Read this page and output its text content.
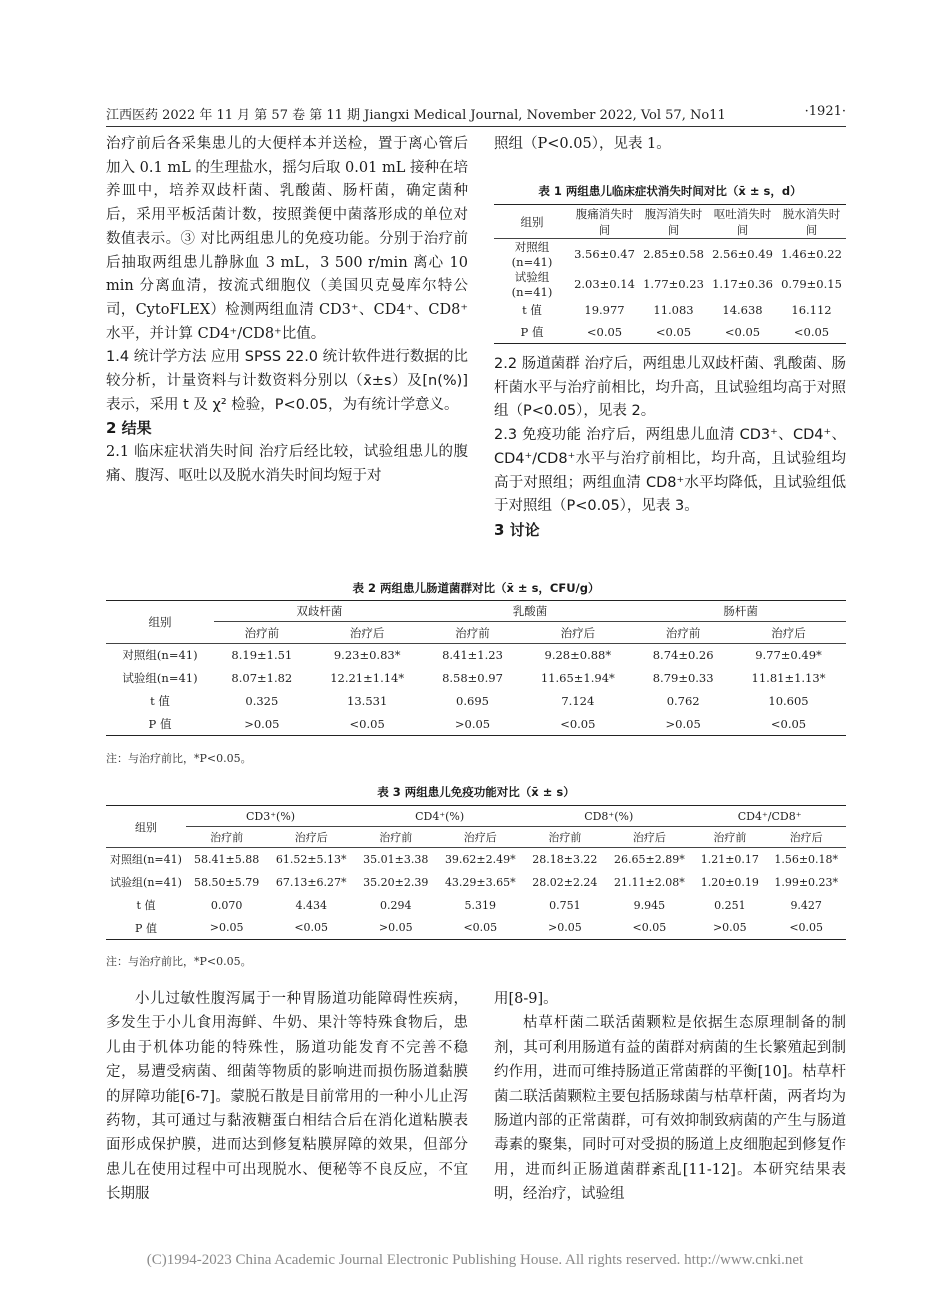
江西医药 2022 年 11 月 第 57 卷 第 11 期 Jiangxi Medical Journal, November 2022, Vol 57, No11	·1921·

治疗前后各采集患儿的大便样本并送检，置于离心管后加入 0.1 mL 的生理盐水，摇匀后取 0.01 mL 接种在培养皿中，培养双歧杆菌、乳酸菌、肠杆菌，确定菌种后，采用平板活菌计数，按照粪便中菌落形成的单位对数值表示。③ 对比两组患儿的免疫功能。分别于治疗前后抽取两组患儿静脉血 3 mL，3 500 r/min 离心 10 min 分离血清，按流式细胞仪（美国贝克曼库尔特公司，CytoFLEX）检测两组血清 CD3⁺、CD4⁺、CD8⁺水平，并计算 CD4⁺/CD8⁺比值。

1.4 统计学方法 应用 SPSS 22.0 统计软件进行数据的比较分析，计量资料与计数资料分别以（x̄±s）及[n(%)]表示，采用 t 及 χ² 检验，P<0.05，为有统计学意义。

2 结果

2.1 临床症状消失时间 治疗后经比较，试验组患儿的腹痛、腹泻、呕吐以及脱水消失时间均短于对

照组（P<0.05），见表 1。

表 1 两组患儿临床症状消失时间对比（x̄ ± s，d）
组别	腹痛消失时间	腹泻消失时间	呕吐消失时间	脱水消失时间
对照组(n=41)	3.56±0.47	2.85±0.58	2.56±0.49	1.46±0.22
试验组(n=41)	2.03±0.14	1.77±0.23	1.17±0.36	0.79±0.15
t 值	19.977	11.083	14.638	16.112
P 值	<0.05	<0.05	<0.05	<0.05

2.2 肠道菌群 治疗后，两组患儿双歧杆菌、乳酸菌、肠杆菌水平与治疗前相比，均升高，且试验组均高于对照组（P<0.05），见表 2。

2.3 免疫功能 治疗后，两组患儿血清 CD3⁺、CD4⁺、CD4⁺/CD8⁺水平与治疗前相比，均升高，且试验组均高于对照组；两组血清 CD8⁺水平均降低，且试验组低于对照组（P<0.05），见表 3。

3 讨论

表 2 两组患儿肠道菌群对比（x̄ ± s，CFU/g）
组别	双歧杆菌		乳酸菌		肠杆菌	
	治疗前	治疗后	治疗前	治疗后	治疗前	治疗后
对照组(n=41)	8.19±1.51	9.23±0.83*	8.41±1.23	9.28±0.88*	8.74±0.26	9.77±0.49*
试验组(n=41)	8.07±1.82	12.21±1.14*	8.58±0.97	11.65±1.94*	8.79±0.33	11.81±1.13*
t 值	0.325	13.531	0.695	7.124	0.762	10.605
P 值	>0.05	<0.05	>0.05	<0.05	>0.05	<0.05
注：与治疗前比，*P<0.05。
表 3 两组患儿免疫功能对比（x̄ ± s）
组别	CD3⁺(%)		CD4⁺(%)		CD8⁺(%)		CD4⁺/CD8⁺	
	治疗前	治疗后	治疗前	治疗后	治疗前	治疗后	治疗前	治疗后
对照组(n=41)	58.41±5.88	61.52±5.13*	35.01±3.38	39.62±2.49*	28.18±3.22	26.65±2.89*	1.21±0.17	1.56±0.18*
试验组(n=41)	58.50±5.79	67.13±6.27*	35.20±2.39	43.29±3.65*	28.02±2.24	21.11±2.08*	1.20±0.19	1.99±0.23*
t 值	0.070	4.434	0.294	5.319	0.751	9.945	0.251	9.427
P 值	>0.05	<0.05	>0.05	<0.05	>0.05	<0.05	>0.05	<0.05
注：与治疗前比，*P<0.05。

小儿过敏性腹泻属于一种胃肠道功能障碍性疾病，多发生于小儿食用海鲜、牛奶、果汁等特殊食物后，患儿由于机体功能的特殊性，肠道功能发育不完善不稳定，易遭受病菌、细菌等物质的影响进而损伤肠道黏膜的屏障功能[6-7]。蒙脱石散是目前常用的一种小儿止泻药物，其可通过与黏液糖蛋白相结合后在消化道粘膜表面形成保护膜，进而达到修复粘膜屏障的效果，但部分患儿在使用过程中可出现脱水、便秘等不良反应，不宜长期服

用[8-9]。

枯草杆菌二联活菌颗粒是依据生态原理制备的制剂，其可利用肠道有益的菌群对病菌的生长繁殖起到制约作用，进而可维持肠道正常菌群的平衡[10]。枯草杆菌二联活菌颗粒主要包括肠球菌与枯草杆菌，两者均为肠道内部的正常菌群，可有效抑制致病菌的产生与肠道毒素的聚集，同时可对受损的肠道上皮细胞起到修复作用，进而纠正肠道菌群紊乱[11-12]。本研究结果表明，经治疗，试验组

(C)1994-2023 China Academic Journal Electronic Publishing House. All rights reserved. http://www.cnki.net
